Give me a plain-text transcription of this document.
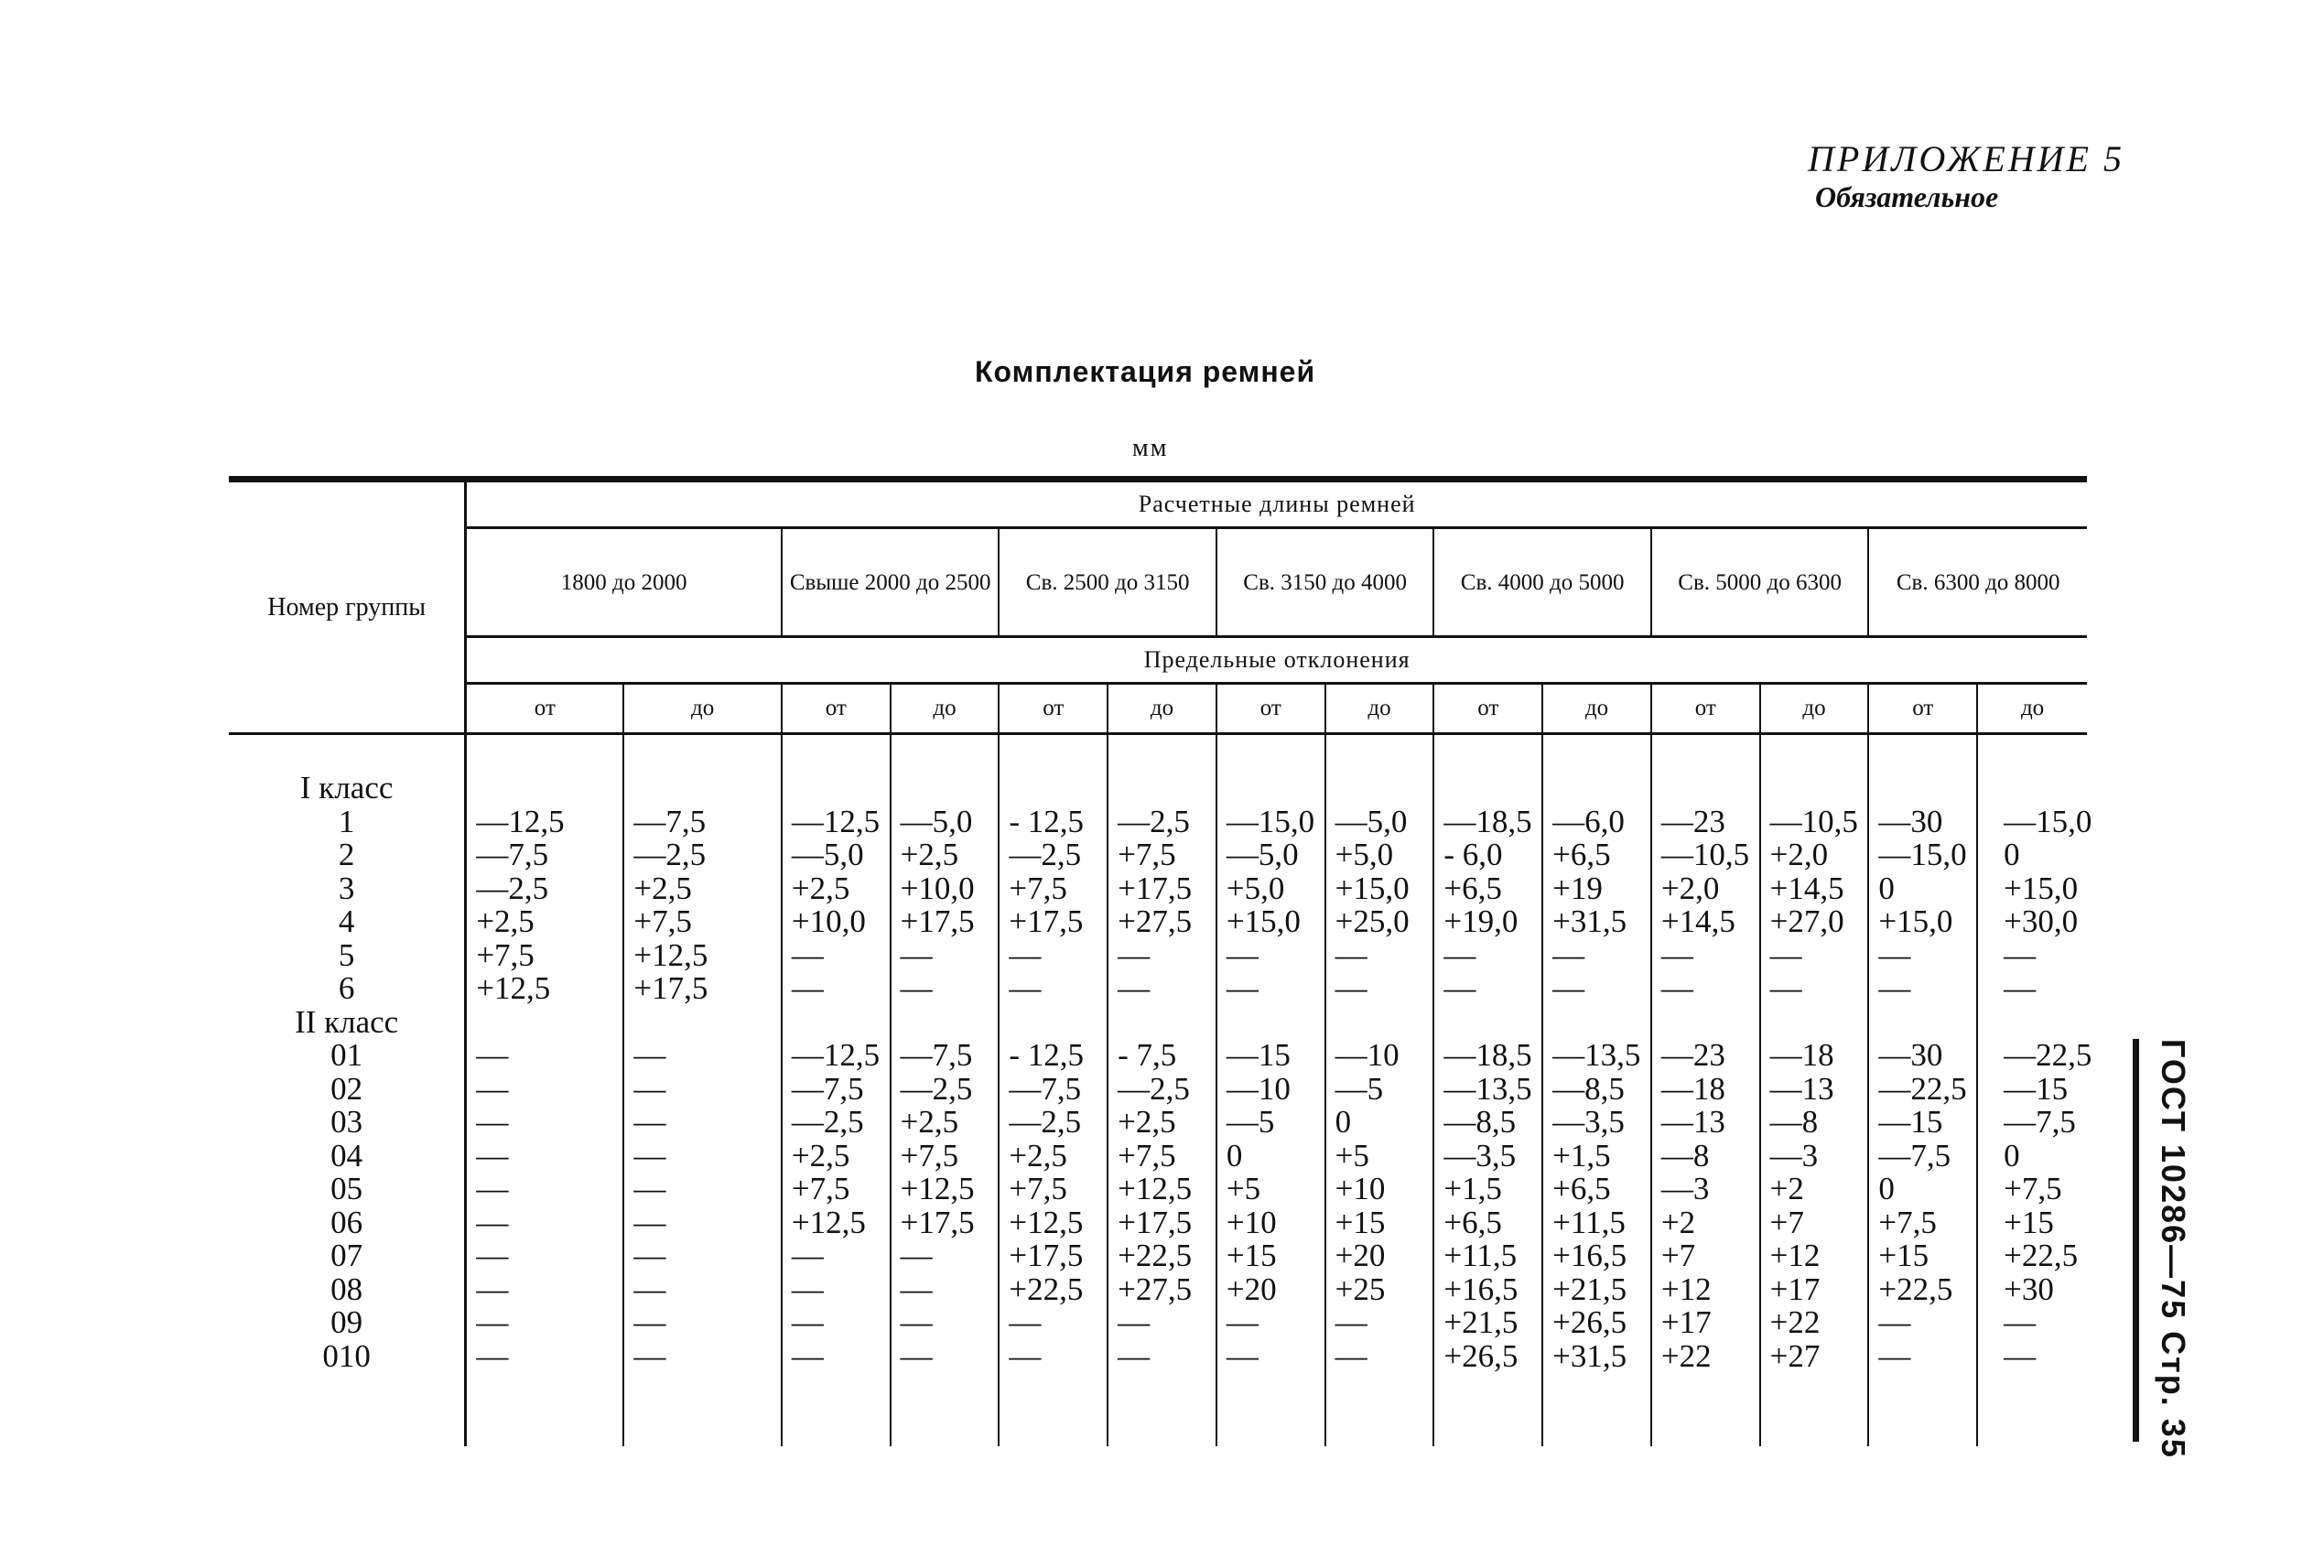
ПРИЛОЖЕНИЕ 5
Обязательное
Комплектация ремней
мм
ГОСТ 10286—75 Стр. 35
Номер группы	Расчетные длины ремней													
	1800 до 2000		Свыше 2000 до 2500		Св. 2500 до 3150		Св. 3150 до 4000		Св. 4000 до 5000		Св. 5000 до 6300		Св. 6300 до 8000	
	Предельные отклонения													
	от	до	от	до	от	до	от	до	от	до	от	до	от	до

I класс														
1	—12,5	—7,5	—12,5	—5,0	- 12,5	—2,5	—15,0	—5,0	—18,5	—6,0	—23	—10,5	—30	—15,0
2	—7,5	—2,5	—5,0	+2,5	—2,5	+7,5	—5,0	+5,0	- 6,0	+6,5	—10,5	+2,0	—15,0	0
3	—2,5	+2,5	+2,5	+10,0	+7,5	+17,5	+5,0	+15,0	+6,5	+19	+2,0	+14,5	0	+15,0
4	+2,5	+7,5	+10,0	+17,5	+17,5	+27,5	+15,0	+25,0	+19,0	+31,5	+14,5	+27,0	+15,0	+30,0
5	+7,5	+12,5	—	—	—	—	—	—	—	—	—	—	—	—
6	+12,5	+17,5	—	—	—	—	—	—	—	—	—	—	—	—
II класс														
01	—	—	—12,5	—7,5	- 12,5	- 7,5	—15	—10	—18,5	—13,5	—23	—18	—30	—22,5
02	—	—	—7,5	—2,5	—7,5	—2,5	—10	—5	—13,5	—8,5	—18	—13	—22,5	—15
03	—	—	—2,5	+2,5	—2,5	+2,5	—5	0	—8,5	—3,5	—13	—8	—15	—7,5
04	—	—	+2,5	+7,5	+2,5	+7,5	0	+5	—3,5	+1,5	—8	—3	—7,5	0
05	—	—	+7,5	+12,5	+7,5	+12,5	+5	+10	+1,5	+6,5	—3	+2	0	+7,5
06	—	—	+12,5	+17,5	+12,5	+17,5	+10	+15	+6,5	+11,5	+2	+7	+7,5	+15
07	—	—	—	—	+17,5	+22,5	+15	+20	+11,5	+16,5	+7	+12	+15	+22,5
08	—	—	—	—	+22,5	+27,5	+20	+25	+16,5	+21,5	+12	+17	+22,5	+30
09	—	—	—	—	—	—	—	—	+21,5	+26,5	+17	+22	—	—
010	—	—	—	—	—	—	—	—	+26,5	+31,5	+22	+27	—	—
